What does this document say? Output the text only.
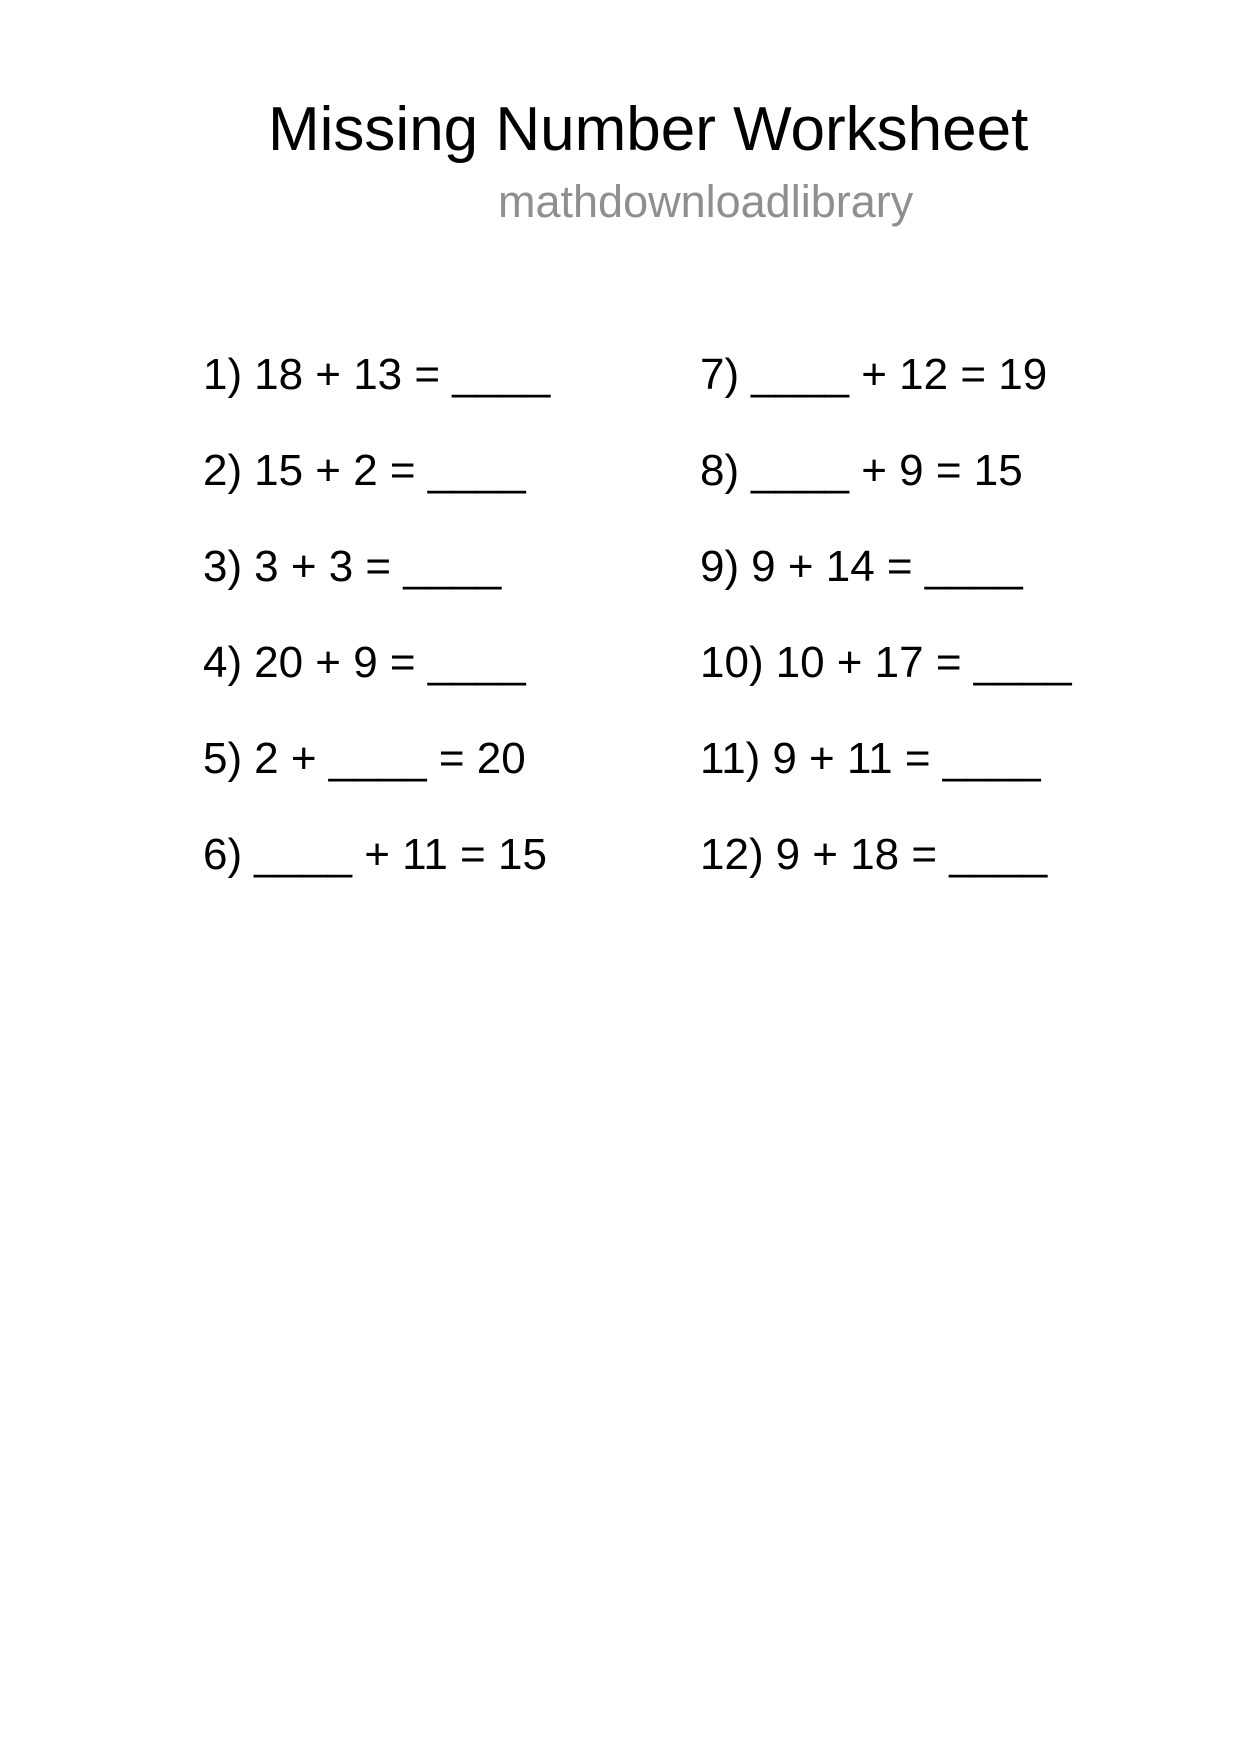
Missing Number Worksheet
mathdownloadlibrary
1) 18 + 13 = ____
2) 15 + 2 = ____
3) 3 + 3 = ____
4) 20 + 9 = ____
5) 2 + ____ = 20
6) ____ + 11 = 15
7) ____ + 12 = 19
8) ____ + 9 = 15
9) 9 + 14 = ____
10) 10 + 17 = ____
11) 9 + 11 = ____
12) 9 + 18 = ____
